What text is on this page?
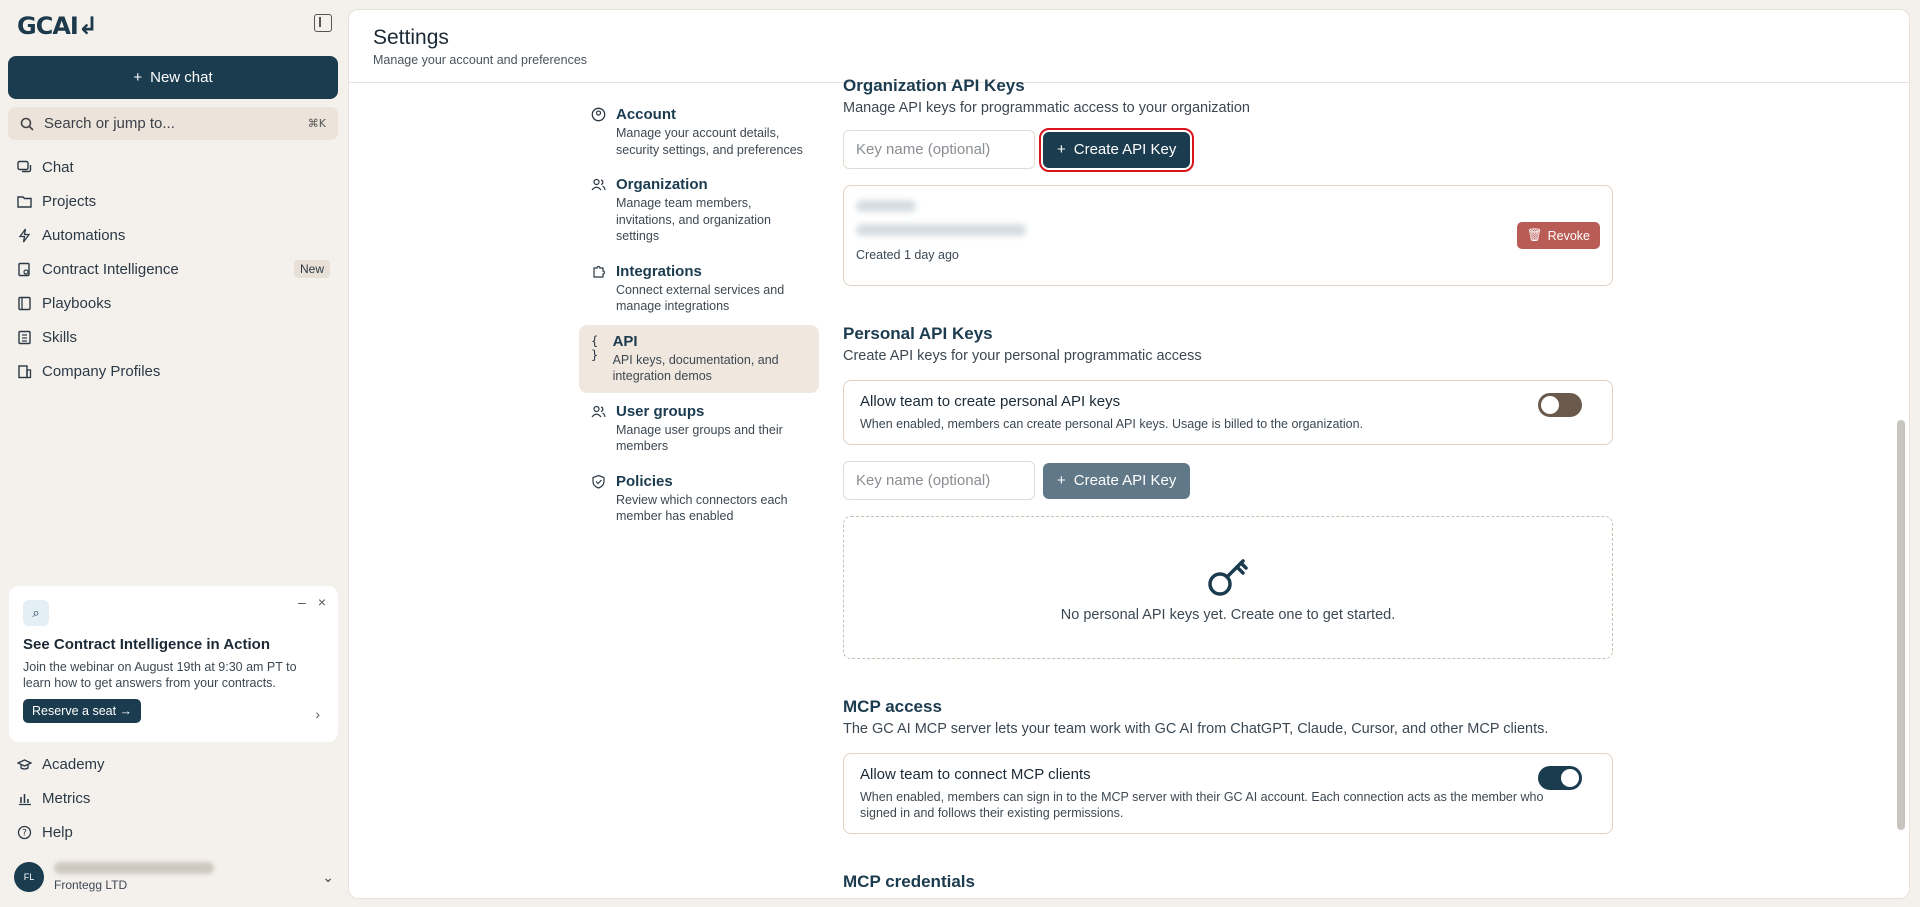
GCAI↲
+ New chat
Search or jump to...	⌘K
Chat
Projects
Automations
Contract Intelligence	New
Playbooks
Skills
Company Profiles
⌕
– ×
See Contract Intelligence in Action

Join the webinar on August 19th at 9:30 am PT to learn how to get answers from your contracts.

Reserve a seat →	›
Academy
Metrics
? Help
FL
Frontegg LTD
⌄
Settings

Manage your account and preferences

Account
Manage your account details, security settings, and preferences
Organization
Manage team members, invitations, and organization settings
Integrations
Connect external services and manage integrations
{ }
API
API keys, documentation, and integration demos
User groups
Manage user groups and their members
Policies
Review which connectors each member has enabled
Organization API Keys
Manage API keys for programmatic access to your organization
Key name (optional)
+ Create API Key
Created 1 day ago
🗑 Revoke
Personal API Keys
Create API keys for your personal programmatic access
Allow team to create personal API keys
When enabled, members can create personal API keys. Usage is billed to the organization.
Key name (optional)
+ Create API Key
No personal API keys yet. Create one to get started.
MCP access
The GC AI MCP server lets your team work with GC AI from ChatGPT, Claude, Cursor, and other MCP clients.
Allow team to connect MCP clients
When enabled, members can sign in to the MCP server with their GC AI account. Each connection acts as the member who signed in and follows their existing permissions.
MCP credentials
